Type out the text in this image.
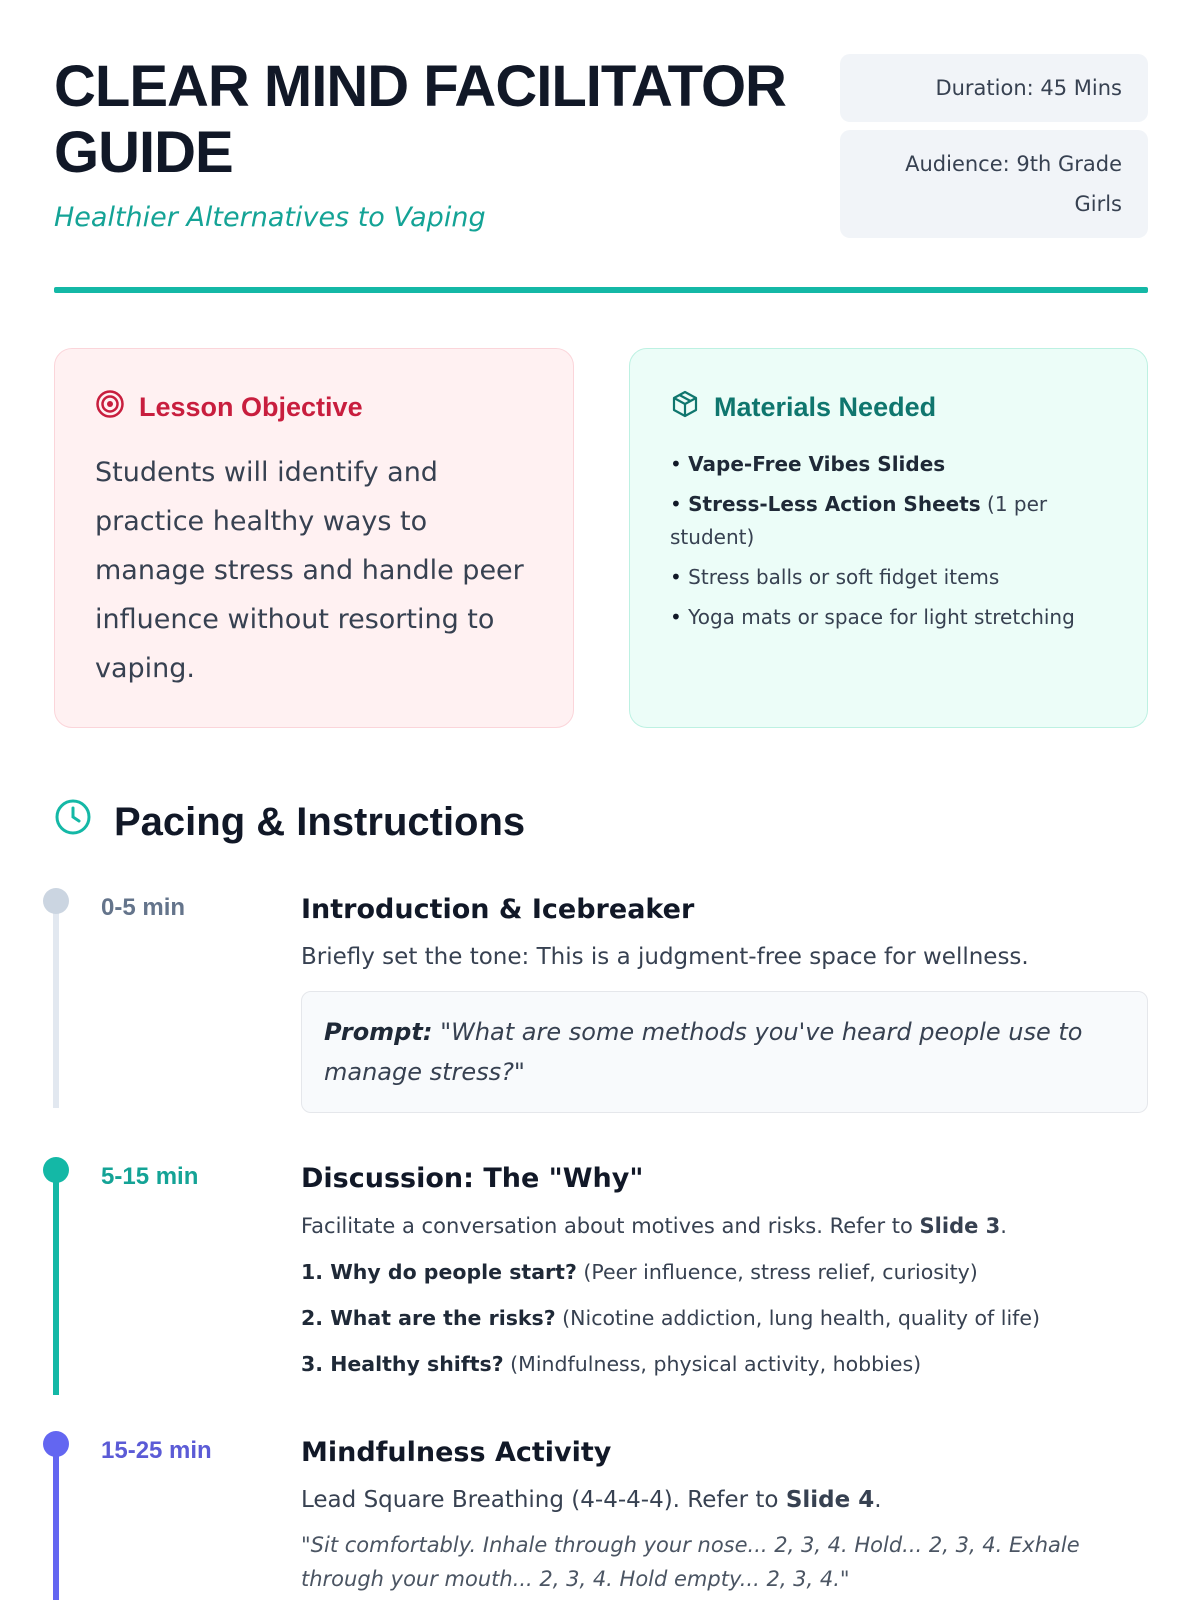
CLEAR MIND FACILITATOR
GUIDE
Healthier Alternatives to Vaping
Duration: 45 Mins
Audience: 9th Grade
Girls
Lesson Objective

Students will identify and practice healthy ways to manage stress and handle peer influence without resorting to vaping.

Materials Needed
• Vape-Free Vibes Slides
• Stress-Less Action Sheets (1 per student)
• Stress balls or soft fidget items
• Yoga mats or space for light stretching
Pacing & Instructions
0-5 min	Introduction & Icebreaker

Briefly set the tone: This is a judgment-free space for wellness.

Prompt: "What are some methods you've heard people use to manage stress?"
5-15 min	Discussion: The "Why"

Facilitate a conversation about motives and risks. Refer to Slide 3.

1. Why do people start? (Peer influence, stress relief, curiosity)
2. What are the risks? (Nicotine addiction, lung health, quality of life)
3. Healthy shifts? (Mindfulness, physical activity, hobbies)
15-25 min	Mindfulness Activity

Lead Square Breathing (4-4-4-4). Refer to Slide 4.

"Sit comfortably. Inhale through your nose... 2, 3, 4. Hold... 2, 3, 4. Exhale through your mouth... 2, 3, 4. Hold empty... 2, 3, 4."
